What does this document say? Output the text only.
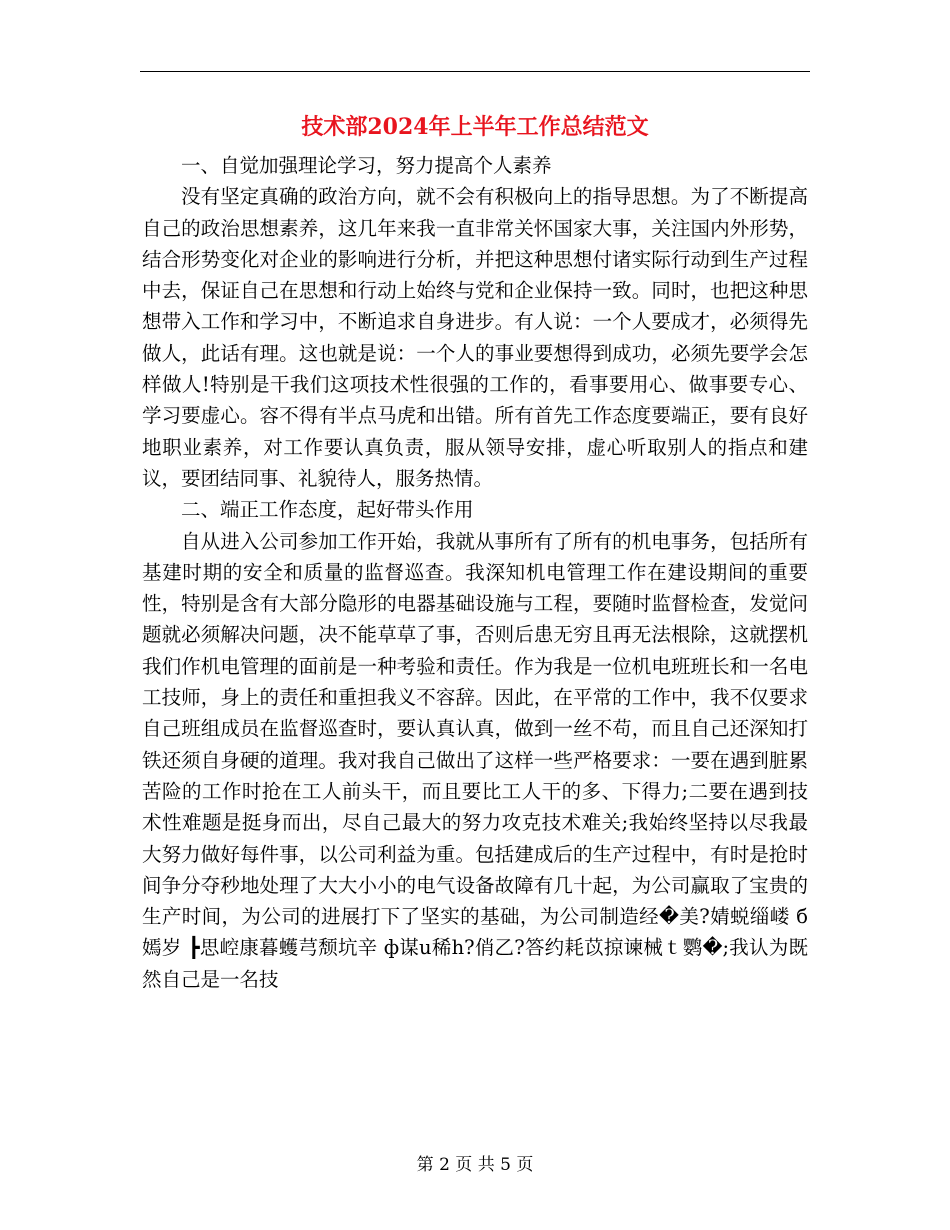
技术部2024年上半年工作总结范文

一、自觉加强理论学习，努力提高个人素养

没有坚定真确的政治方向，就不会有积极向上的指导思想。为了不断提高自己的政治思想素养，这几年来我一直非常关怀国家大事，关注国内外形势，结合形势变化对企业的影响进行分析，并把这种思想付诸实际行动到生产过程中去，保证自己在思想和行动上始终与党和企业保持一致。同时，也把这种思想带入工作和学习中，不断追求自身进步。有人说：一个人要成才，必须得先做人，此话有理。这也就是说：一个人的事业要想得到成功，必须先要学会怎样做人!特别是干我们这项技术性很强的工作的，看事要用心、做事要专心、学习要虚心。容不得有半点马虎和出错。所有首先工作态度要端正，要有良好地职业素养，对工作要认真负责，服从领导安排，虚心听取别人的指点和建议，要团结同事、礼貌待人，服务热情。

二、端正工作态度，起好带头作用

自从进入公司参加工作开始，我就从事所有了所有的机电事务，包括所有基建时期的安全和质量的监督巡查。我深知机电管理工作在建设期间的重要性，特别是含有大部分隐形的电器基础设施与工程，要随时监督检查，发觉问题就必须解决问题，决不能草草了事，否则后患无穷且再无法根除，这就摆机我们作机电管理的面前是一种考验和责任。作为我是一位机电班班长和一名电工技师，身上的责任和重担我义不容辞。因此，在平常的工作中，我不仅要求自己班组成员在监督巡查时，要认真认真，做到一丝不苟，而且自己还深知打铁还须自身硬的道理。我对我自己做出了这样一些严格要求：一要在遇到脏累苦险的工作时抢在工人前头干，而且要比工人干的多、下得力;二要在遇到技术性难题是挺身而出，尽自己最大的努力攻克技术难关;我始终坚持以尽我最大努力做好每件事，以公司利益为重。包括建成后的生产过程中，有时是抢时间争分夺秒地处理了大大小小的电气设备故障有几十起，为公司赢取了宝贵的生产时间，为公司的进展打下了坚实的基础，为公司制造经�美?婧蜕缁嵝 б 嫣岁 ┣思崆康暮蠖芎颓坑辛 ф谋u稀h?俏乙?答约耗苡掠谏械ｔ鹦�;我认为既然自己是一名技

第 2 页 共 5 页
